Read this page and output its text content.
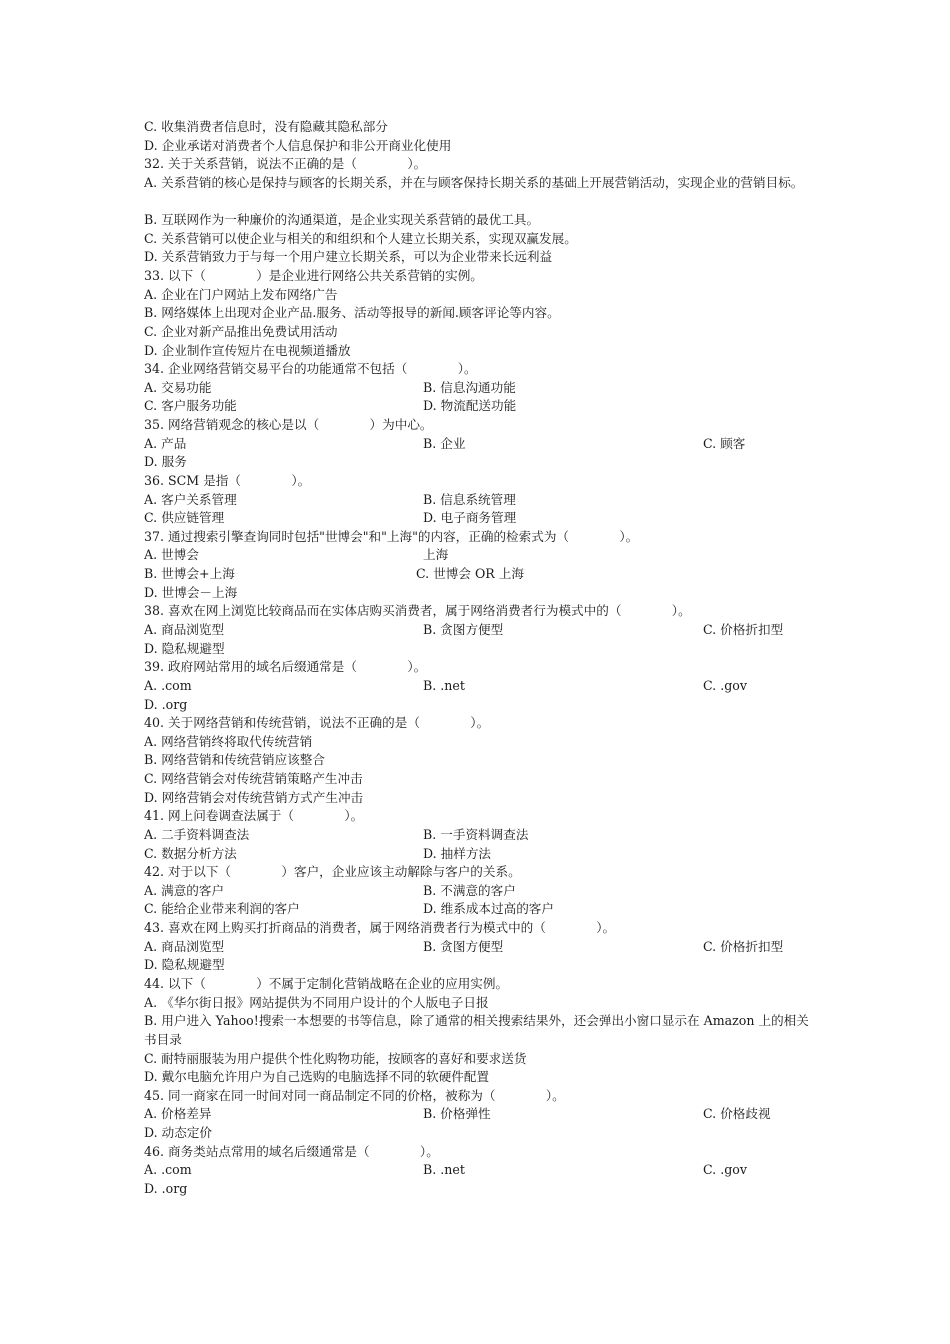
C. 收集消费者信息时，没有隐藏其隐私部分
D. 企业承诺对消费者个人信息保护和非公开商业化使用
32. 关于关系营销，说法不正确的是（　　　　）。
A. 关系营销的核心是保持与顾客的长期关系，并在与顾客保持长期关系的基础上开展营销活动，实现企业的营销目标。
B. 互联网作为一种廉价的沟通渠道，是企业实现关系营销的最优工具。
C. 关系营销可以使企业与相关的和组织和个人建立长期关系，实现双赢发展。
D. 关系营销致力于与每一个用户建立长期关系，可以为企业带来长远利益
33. 以下（　　　　）是企业进行网络公共关系营销的实例。
A. 企业在门户网站上发布网络广告
B. 网络媒体上出现对企业产品.服务、活动等报导的新闻.顾客评论等内容。
C. 企业对新产品推出免费试用活动
D. 企业制作宣传短片在电视频道播放
34. 企业网络营销交易平台的功能通常不包括（　　　　）。
A. 交易功能	B. 信息沟通功能
C. 客户服务功能	D. 物流配送功能
35. 网络营销观念的核心是以（　　　　）为中心。
A. 产品	B. 企业	C. 顾客
D. 服务
36. SCM 是指（　　　　）。
A. 客户关系管理	B. 信息系统管理
C. 供应链管理	D. 电子商务管理
37. 通过搜索引擎查询同时包括"世博会"和"上海"的内容，正确的检索式为（　　　　）。
A. 世博会	上海
B. 世博会+上海	C. 世博会 OR 上海
D. 世博会－上海
38. 喜欢在网上浏览比较商品而在实体店购买消费者，属于网络消费者行为模式中的（　　　　）。
A. 商品浏览型	B. 贪图方便型	C. 价格折扣型
D. 隐私规避型
39. 政府网站常用的域名后缀通常是（　　　　）。
A. .com	B. .net	C. .gov
D. .org
40. 关于网络营销和传统营销，说法不正确的是（　　　　）。
A. 网络营销终将取代传统营销
B. 网络营销和传统营销应该整合
C. 网络营销会对传统营销策略产生冲击
D. 网络营销会对传统营销方式产生冲击
41. 网上问卷调查法属于（　　　　）。
A. 二手资料调查法	B. 一手资料调查法
C. 数据分析方法	D. 抽样方法
42. 对于以下（　　　　）客户，企业应该主动解除与客户的关系。
A. 满意的客户	B. 不满意的客户
C. 能给企业带来利润的客户	D. 维系成本过高的客户
43. 喜欢在网上购买打折商品的消费者，属于网络消费者行为模式中的（　　　　）。
A. 商品浏览型	B. 贪图方便型	C. 价格折扣型
D. 隐私规避型
44. 以下（　　　　）不属于定制化营销战略在企业的应用实例。
A. 《华尔街日报》网站提供为不同用户设计的个人版电子日报
B. 用户进入 Yahoo!搜索一本想要的书等信息，除了通常的相关搜索结果外，还会弹出小窗口显示在 Amazon 上的相关书目录
C. 耐特丽服装为用户提供个性化购物功能，按顾客的喜好和要求送货
D. 戴尔电脑允许用户为自己选购的电脑选择不同的软硬件配置
45. 同一商家在同一时间对同一商品制定不同的价格，被称为（　　　　）。
A. 价格差异	B. 价格弹性	C. 价格歧视
D. 动态定价
46. 商务类站点常用的域名后缀通常是（　　　　）。
A. .com	B. .net	C. .gov
D. .org
